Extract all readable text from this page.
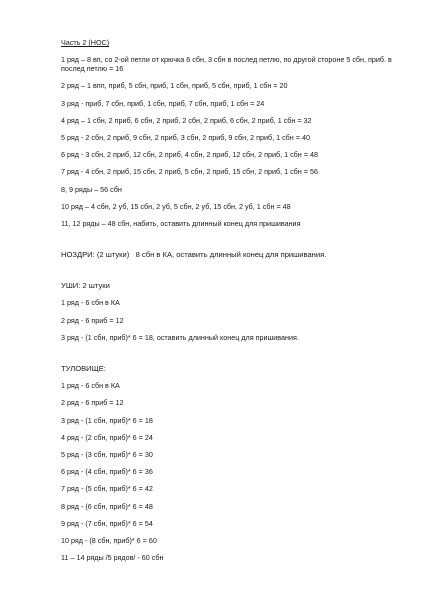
Часть 2 (НОС)
1 ряд – 8 вп, со 2-ой петли от крючка 6 сбн, 3 сбн в послед петлю, по другой стороне 5 сбн, приб. в послед петлю = 16
2 ряд – 1 впп, приб, 5 сбн, приб, 1 сбн, приб, 5 сбн, приб, 1 сбн = 20
3 ряд - приб, 7 сбн, приб, 1 сбн, приб, 7 сбн, приб, 1 сбн = 24
4 ряд – 1 сбн, 2 приб, 6 сбн, 2 приб, 2 сбн, 2 приб, 6 сбн, 2 приб, 1 сбн = 32
5 ряд - 2 сбн, 2 приб, 9 сбн, 2 приб, 3 сбн, 2 приб, 9 сбн, 2 приб, 1 сбн = 40
6 ряд - 3 сбн, 2 приб, 12 сбн, 2 приб, 4 сбн, 2 приб, 12 сбн, 2 приб, 1 сбн = 48
7 ряд - 4 сбн, 2 приб, 15 сбн, 2 приб, 5 сбн, 2 приб, 15 сбн, 2 приб, 1 сбн = 56
8, 9 ряды – 56 сбн
10 ряд – 4 сбн, 2 уб, 15 сбн, 2 уб, 5 сбн, 2 уб, 15 сбн, 2 уб, 1 сбн = 48
11, 12 ряды – 48 сбн, набить, оставить длинный конец для пришивания
НОЗДРИ: (2 штуки)   8 сбн в КА, оставить длинный конец для пришивания.
УШИ: 2 штуки
1 ряд - 6 сбн в КА
2 ряд - 6 приб = 12
3 ряд - (1 сбн, приб)* 6 = 18, оставить длинный конец для пришивания.
ТУЛОВИЩЕ:
1 ряд - 6 сбн в КА
2 ряд - 6 приб = 12
3 ряд - (1 сбн, приб)* 6 = 18
4 ряд - (2 сбн, приб)* 6 = 24
5 ряд - (3 сбн, приб)* 6 = 30
6 ряд - (4 сбн, приб)* 6 = 36
7 ряд - (5 сбн, приб)* 6 = 42
8 ряд - (6 сбн, приб)* 6 = 48
9 ряд - (7 сбн, приб)* 6 = 54
10 ряд - (8 сбн, приб)* 6 = 60
11 – 14 ряды /5 рядов/ - 60 сбн
